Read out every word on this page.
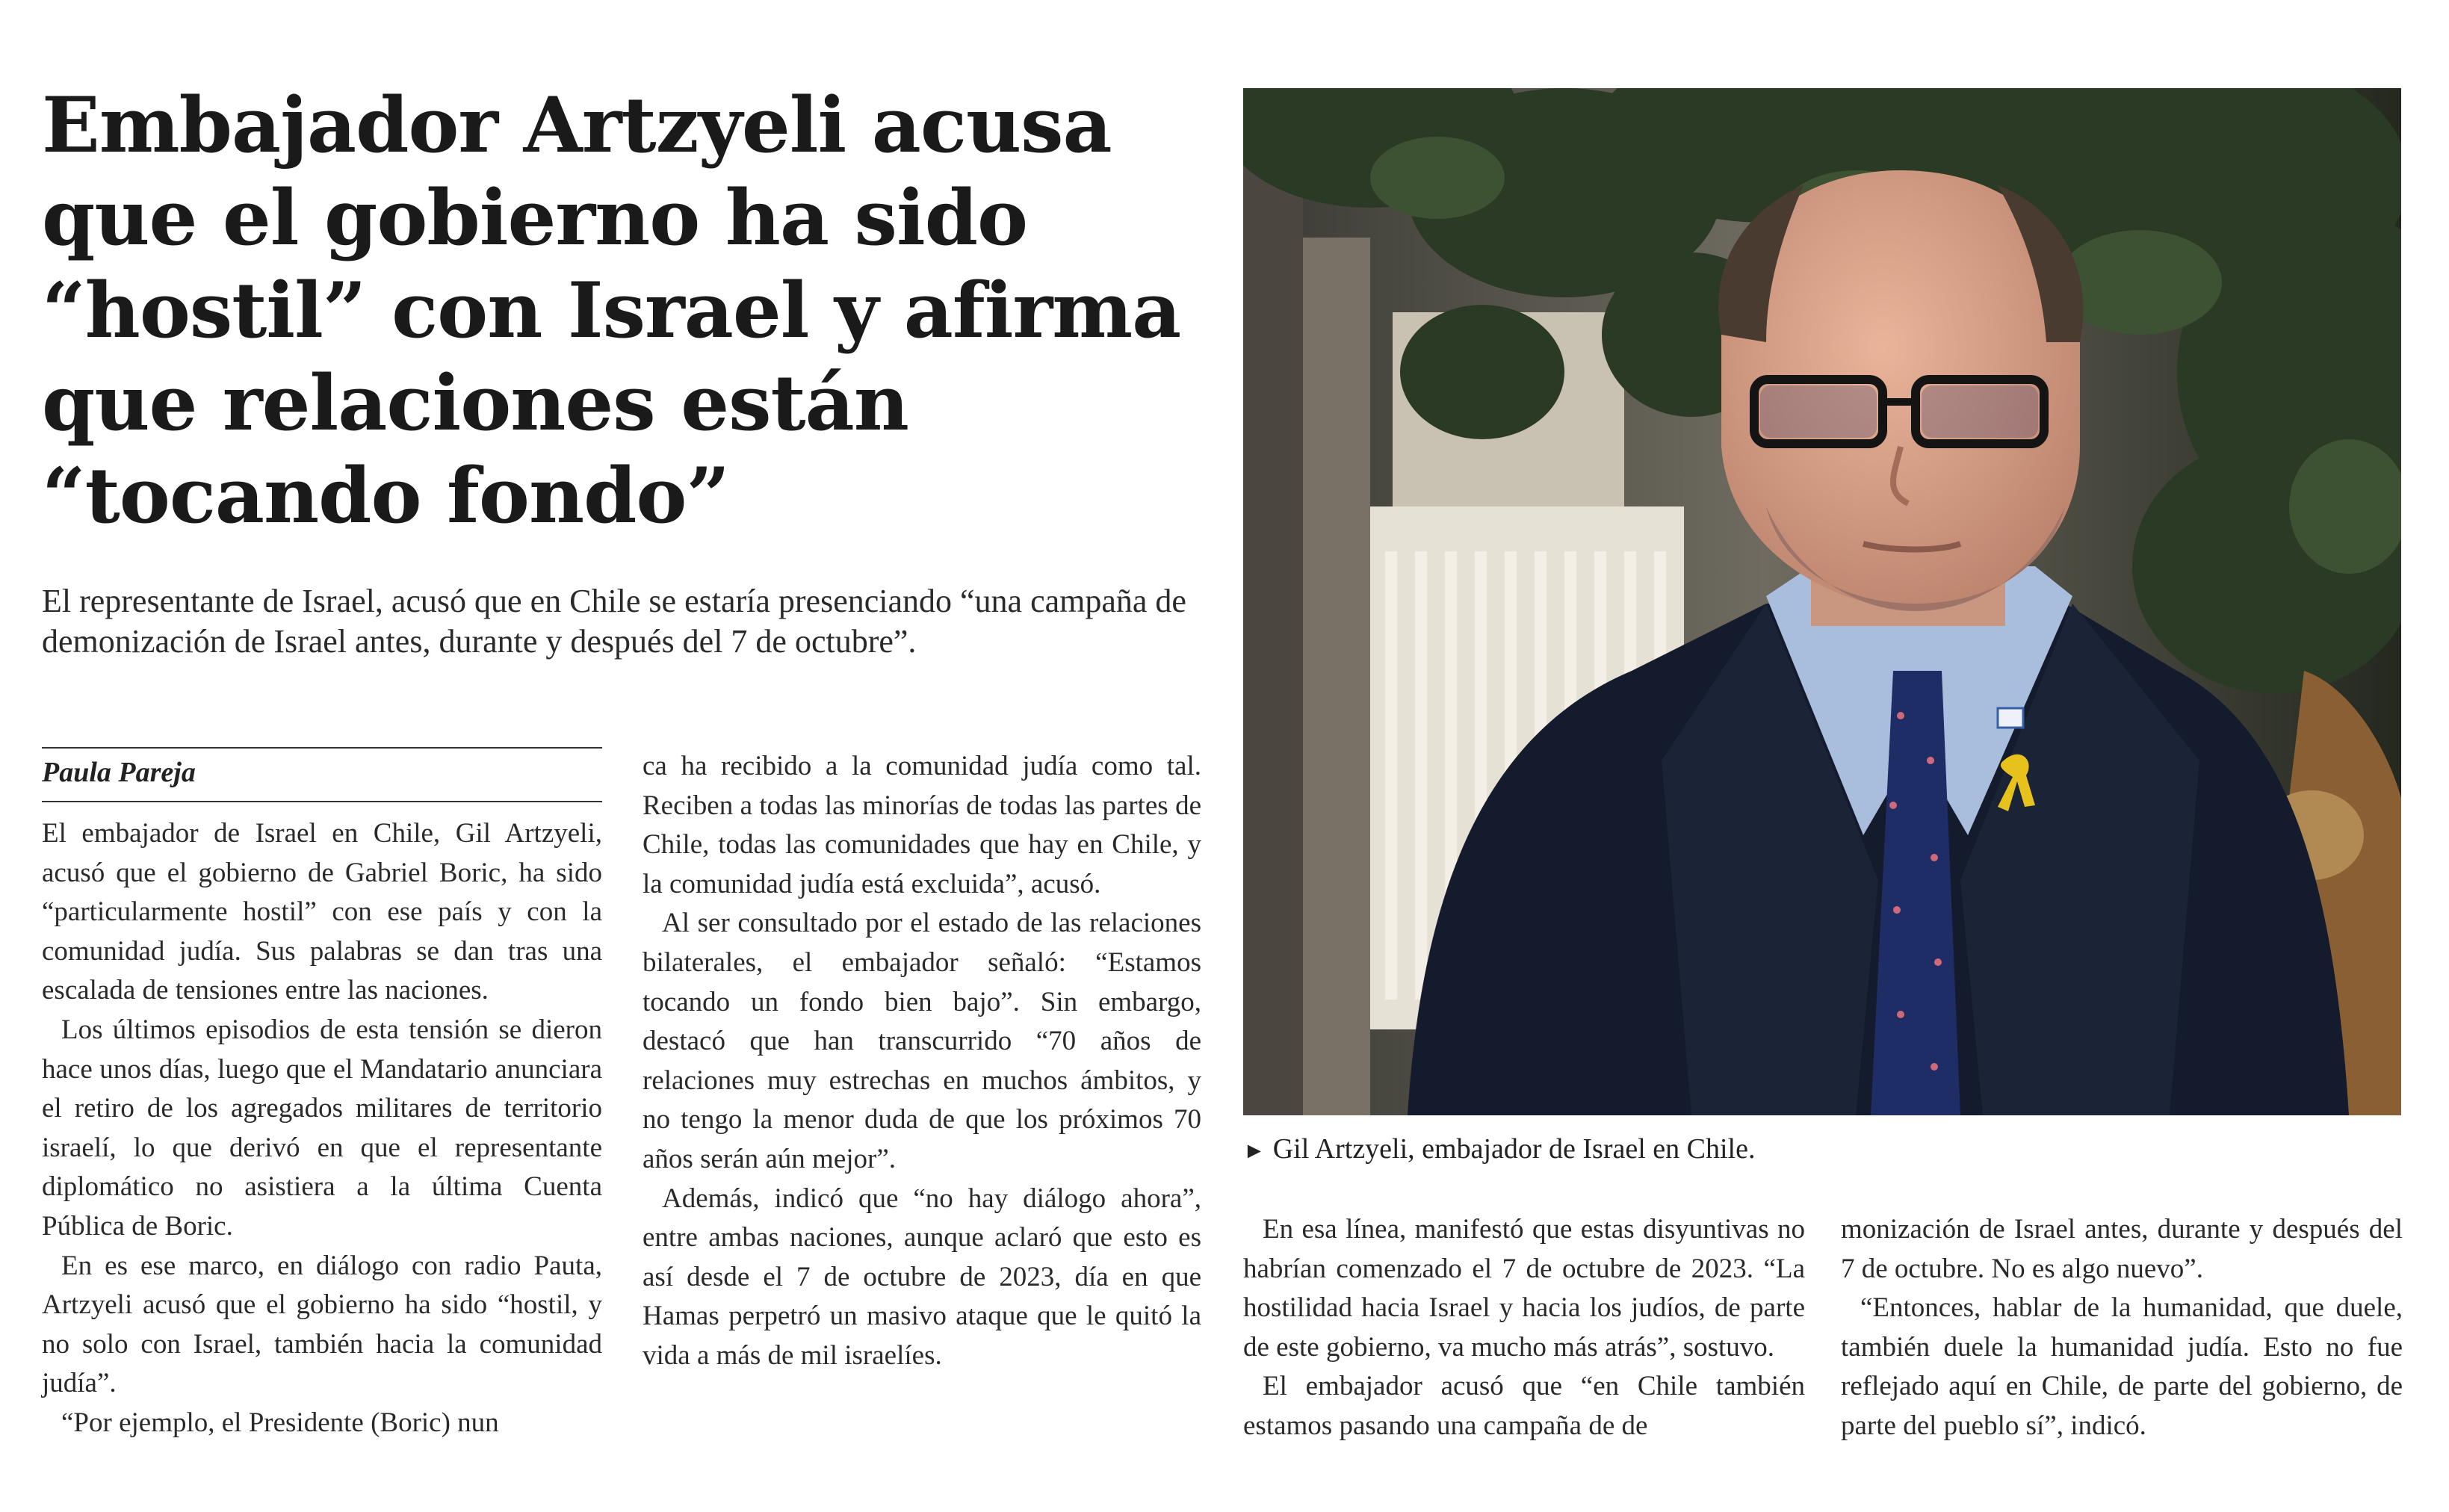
Embajador Artzyeli acusa que el gobierno ha sido “hostil” con Israel y afirma que relaciones están “tocando fondo”

El representante de Israel, acusó que en Chile se estaría presenciando “una campaña de demonización de Israel antes, durante y después del 7 de octubre”.

Paula Pareja

El embajador de Israel en Chile, Gil Artzyeli, acusó que el gobierno de Gabriel Boric, ha sido “particularmente hostil” con ese país y con la comunidad judía. Sus palabras se dan tras una escalada de tensiones entre las naciones.

Los últimos episodios de esta tensión se dieron hace unos días, luego que el Mandatario anunciara el retiro de los agregados militares de territorio israelí, lo que derivó en que el representante diplomático no asistiera a la última Cuenta Pública de Boric.

En es ese marco, en diálogo con radio Pauta, Artzyeli acusó que el gobierno ha sido “hostil, y no solo con Israel, también hacia la comunidad judía”.

“Por ejemplo, el Presidente (Boric) nun

ca ha recibido a la comunidad judía como tal. Reciben a todas las minorías de todas las partes de Chile, todas las comunidades que hay en Chile, y la comunidad judía está excluida”, acusó.

Al ser consultado por el estado de las relaciones bilaterales, el embajador señaló: “Estamos tocando un fondo bien bajo”. Sin embargo, destacó que han transcurrido “70 años de relaciones muy estrechas en muchos ámbitos, y no tengo la menor duda de que los próximos 70 años serán aún mejor”.

Además, indicó que “no hay diálogo ahora”, entre ambas naciones, aunque aclaró que esto es así desde el 7 de octubre de 2023, día en que Hamas perpetró un masivo ataque que le quitó la vida a más de mil israelíes.

► Gil Artzyeli, embajador de Israel en Chile.

En esa línea, manifestó que estas disyuntivas no habrían comenzado el 7 de octubre de 2023. “La hostilidad hacia Israel y hacia los judíos, de parte de este gobierno, va mucho más atrás”, sostuvo.

El embajador acusó que “en Chile también estamos pasando una campaña de de

monización de Israel antes, durante y después del 7 de octubre. No es algo nuevo”.

“Entonces, hablar de la humanidad, que duele, también duele la humanidad judía. Esto no fue reflejado aquí en Chile, de parte del gobierno, de parte del pueblo sí”, indicó.
